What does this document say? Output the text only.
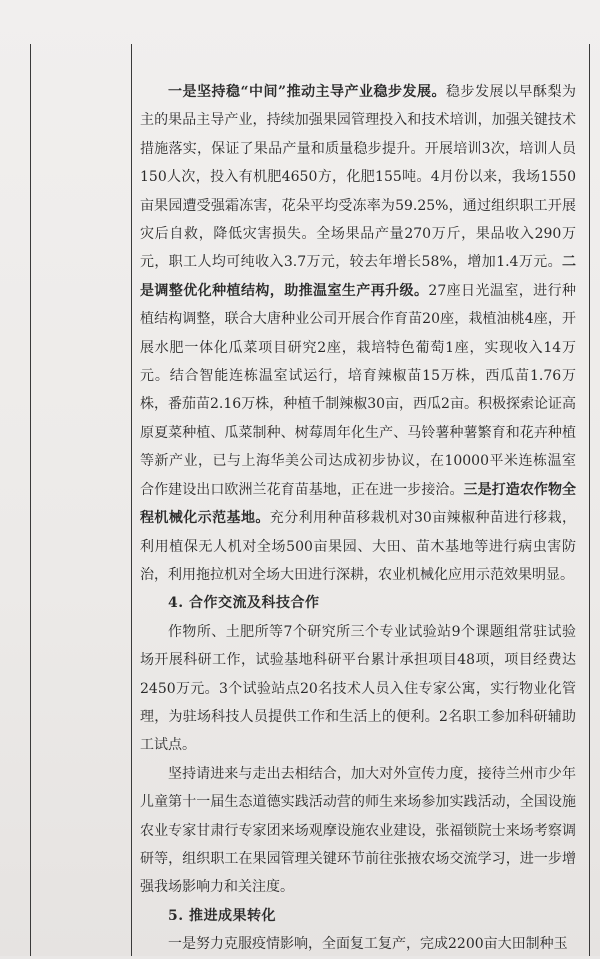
一是坚持稳“中间”推动主导产业稳步发展。稳步发展以早酥梨为主的果品主导产业，持续加强果园管理投入和技术培训，加强关键技术措施落实，保证了果品产量和质量稳步提升。开展培训3次，培训人员150人次，投入有机肥4650方，化肥155吨。4月份以来，我场1550亩果园遭受强霜冻害，花朵平均受冻率为59.25%，通过组织职工开展灾后自救，降低灾害损失。全场果品产量270万斤，果品收入290万元，职工人均可纯收入3.7万元，较去年增长58%，增加1.4万元。二是调整优化种植结构，助推温室生产再升级。27座日光温室，进行种植结构调整，联合大唐种业公司开展合作育苗20座，栽植油桃4座，开展水肥一体化瓜菜项目研究2座，栽培特色葡萄1座，实现收入14万元。结合智能连栋温室试运行，培育辣椒苗15万株，西瓜苗1.76万株，番茄苗2.16万株，种植千制辣椒30亩，西瓜2亩。积极探索论证高原夏菜种植、瓜菜制种、树莓周年化生产、马铃薯种薯繁育和花卉种植等新产业，已与上海华美公司达成初步协议，在10000平米连栋温室合作建设出口欧洲兰花育苗基地，正在进一步接洽。三是打造农作物全程机械化示范基地。充分利用种苗移栽机对30亩辣椒种苗进行移栽，利用植保无人机对全场500亩果园、大田、苗木基地等进行病虫害防治，利用拖拉机对全场大田进行深耕，农业机械化应用示范效果明显。

4. 合作交流及科技合作

作物所、土肥所等7个研究所三个专业试验站9个课题组常驻试验场开展科研工作，试验基地科研平台累计承担项目48项，项目经费达2450万元。3个试验站点20名技术人员入住专家公寓，实行物业化管理，为驻场科技人员提供工作和生活上的便利。2名职工参加科研辅助工试点。

坚持请进来与走出去相结合，加大对外宣传力度，接待兰州市少年儿童第十一届生态道德实践活动营的师生来场参加实践活动，全国设施农业专家甘肃行专家团来场观摩设施农业建设，张福锁院士来场考察调研等，组织职工在果园管理关键环节前往张掖农场交流学习，进一步增强我场影响力和关注度。

5. 推进成果转化

一是努力克服疫情影响，全面复工复产，完成2200亩大田制种玉
